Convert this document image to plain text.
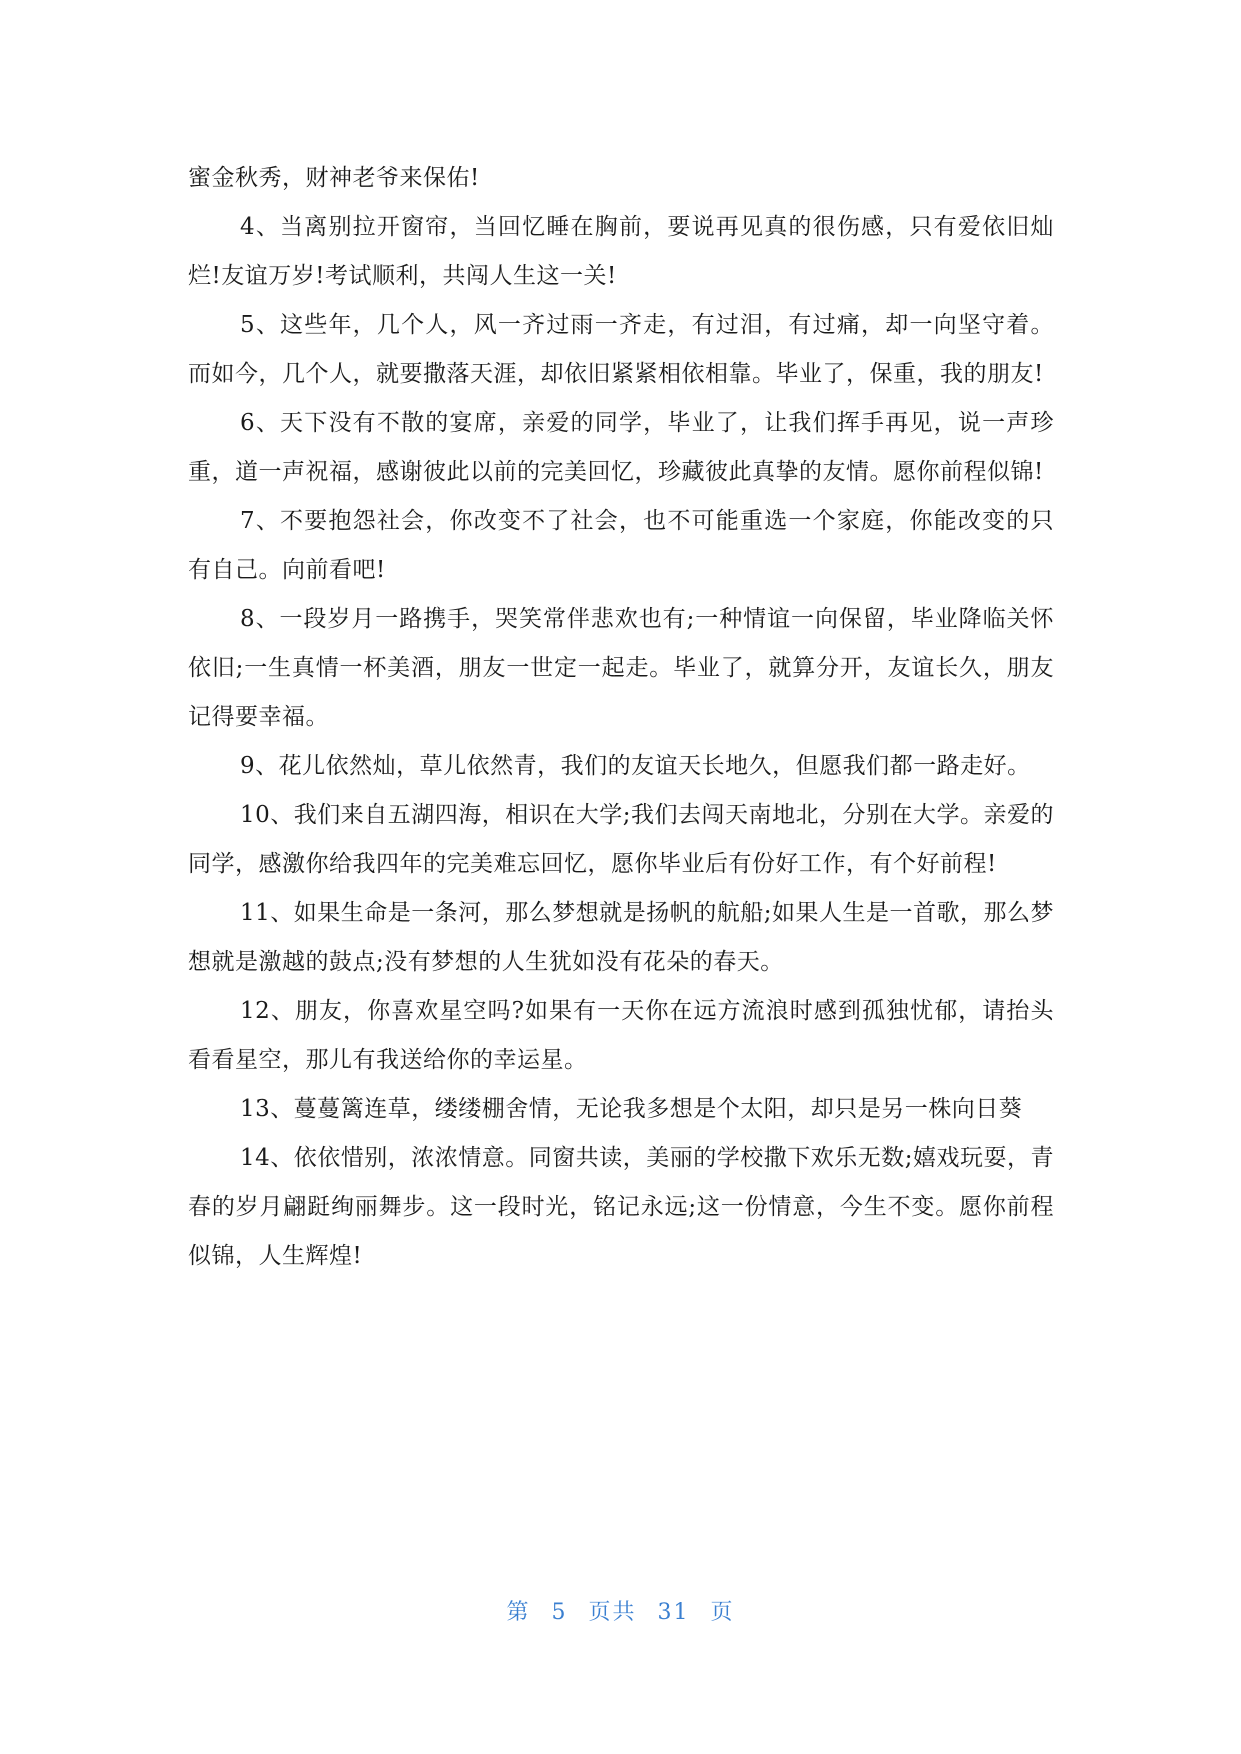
蜜金秋秀，财神老爷来保佑!

4、当离别拉开窗帘，当回忆睡在胸前，要说再见真的很伤感，只有爱依旧灿烂!友谊万岁!考试顺利，共闯人生这一关!

5、这些年，几个人，风一齐过雨一齐走，有过泪，有过痛，却一向坚守着。而如今，几个人，就要撒落天涯，却依旧紧紧相依相靠。毕业了，保重，我的朋友!

6、天下没有不散的宴席，亲爱的同学，毕业了，让我们挥手再见，说一声珍重，道一声祝福，感谢彼此以前的完美回忆，珍藏彼此真挚的友情。愿你前程似锦!

7、不要抱怨社会，你改变不了社会，也不可能重选一个家庭，你能改变的只有自己。向前看吧!

8、一段岁月一路携手，哭笑常伴悲欢也有;一种情谊一向保留，毕业降临关怀依旧;一生真情一杯美酒，朋友一世定一起走。毕业了，就算分开，友谊长久，朋友记得要幸福。

9、花儿依然灿，草儿依然青，我们的友谊天长地久，但愿我们都一路走好。

10、我们来自五湖四海，相识在大学;我们去闯天南地北，分别在大学。亲爱的同学，感激你给我四年的完美难忘回忆，愿你毕业后有份好工作，有个好前程!

11、如果生命是一条河，那么梦想就是扬帆的航船;如果人生是一首歌，那么梦想就是激越的鼓点;没有梦想的人生犹如没有花朵的春天。

12、朋友，你喜欢星空吗?如果有一天你在远方流浪时感到孤独忧郁，请抬头看看星空，那儿有我送给你的幸运星。

13、蔓蔓篱连草，缕缕棚舍情，无论我多想是个太阳，却只是另一株向日葵

14、依依惜别，浓浓情意。同窗共读，美丽的学校撒下欢乐无数;嬉戏玩耍，青春的岁月翩跹绚丽舞步。这一段时光，铭记永远;这一份情意，今生不变。愿你前程似锦，人生辉煌!

第 5 页共 31 页
